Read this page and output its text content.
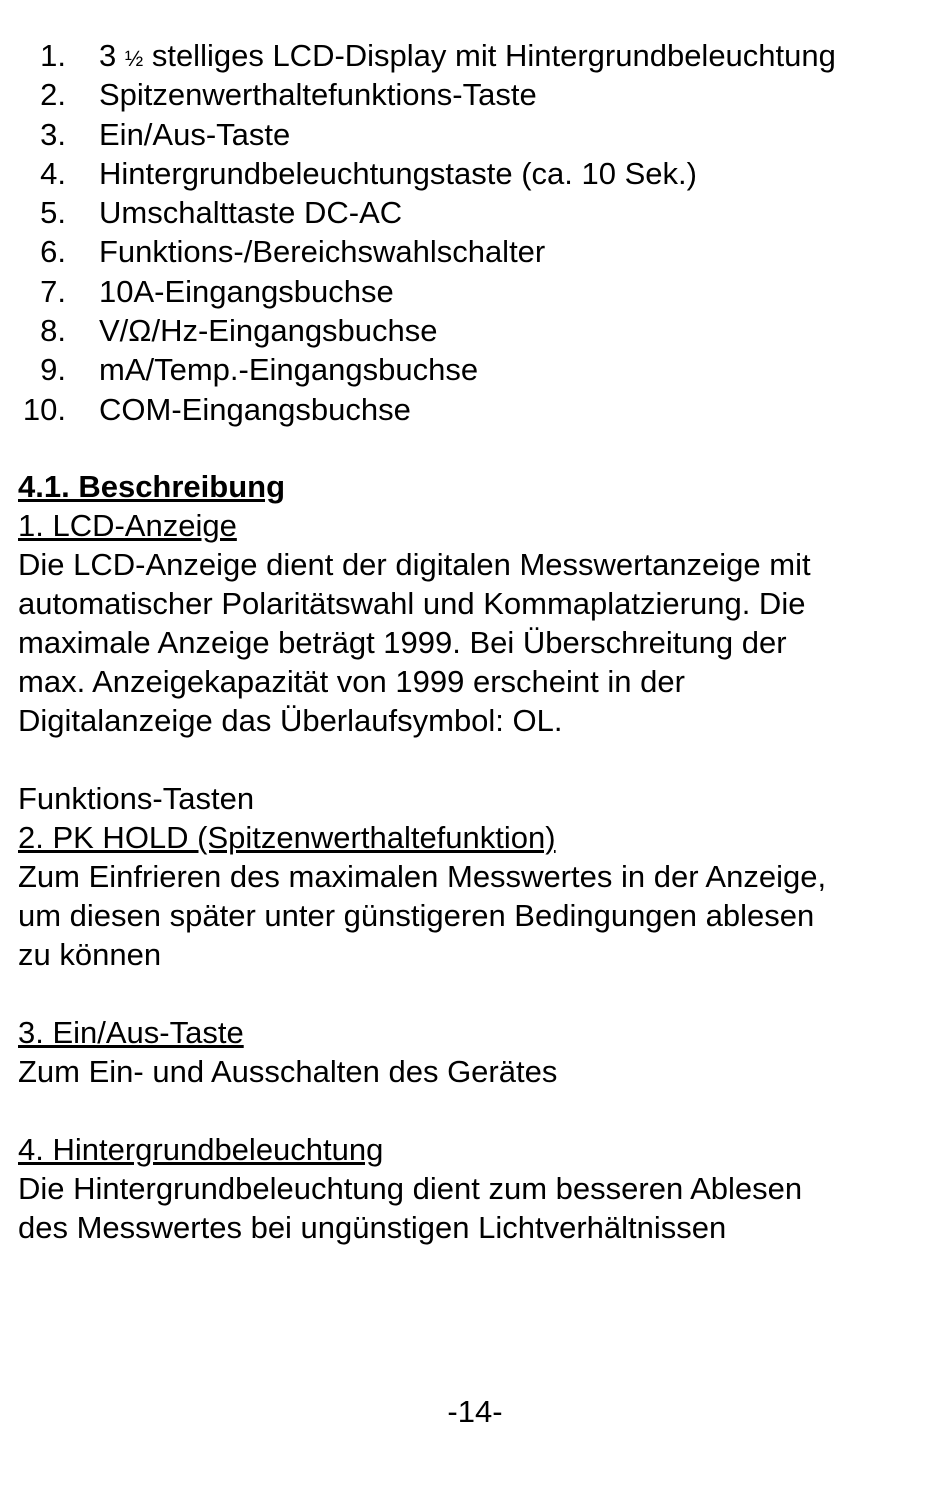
1. 3 ½ stelliges LCD-Display mit Hintergrundbeleuchtung
2. Spitzenwerthaltefunktions-Taste
3. Ein/Aus-Taste
4. Hintergrundbeleuchtungstaste (ca. 10 Sek.)
5. Umschalttaste DC-AC
6. Funktions-/Bereichswahlschalter
7. 10A-Eingangsbuchse
8. V/Ω/Hz-Eingangsbuchse
9. mA/Temp.-Eingangsbuchse
10. COM-Eingangsbuchse

4.1. Beschreibung

1. LCD-Anzeige

Die LCD-Anzeige dient der digitalen Messwertanzeige mit

automatischer Polaritätswahl und Kommaplatzierung. Die

maximale Anzeige beträgt 1999. Bei Überschreitung der

max. Anzeigekapazität von 1999 erscheint in der

Digitalanzeige das Überlaufsymbol: OL.

Funktions-Tasten

2. PK HOLD (Spitzenwerthaltefunktion)

Zum Einfrieren des maximalen Messwertes in der Anzeige,

um diesen später unter günstigeren Bedingungen ablesen

zu können

3. Ein/Aus-Taste

Zum Ein- und Ausschalten des Gerätes

4. Hintergrundbeleuchtung

Die Hintergrundbeleuchtung dient zum besseren Ablesen

des Messwertes bei ungünstigen Lichtverhältnissen

-14-
